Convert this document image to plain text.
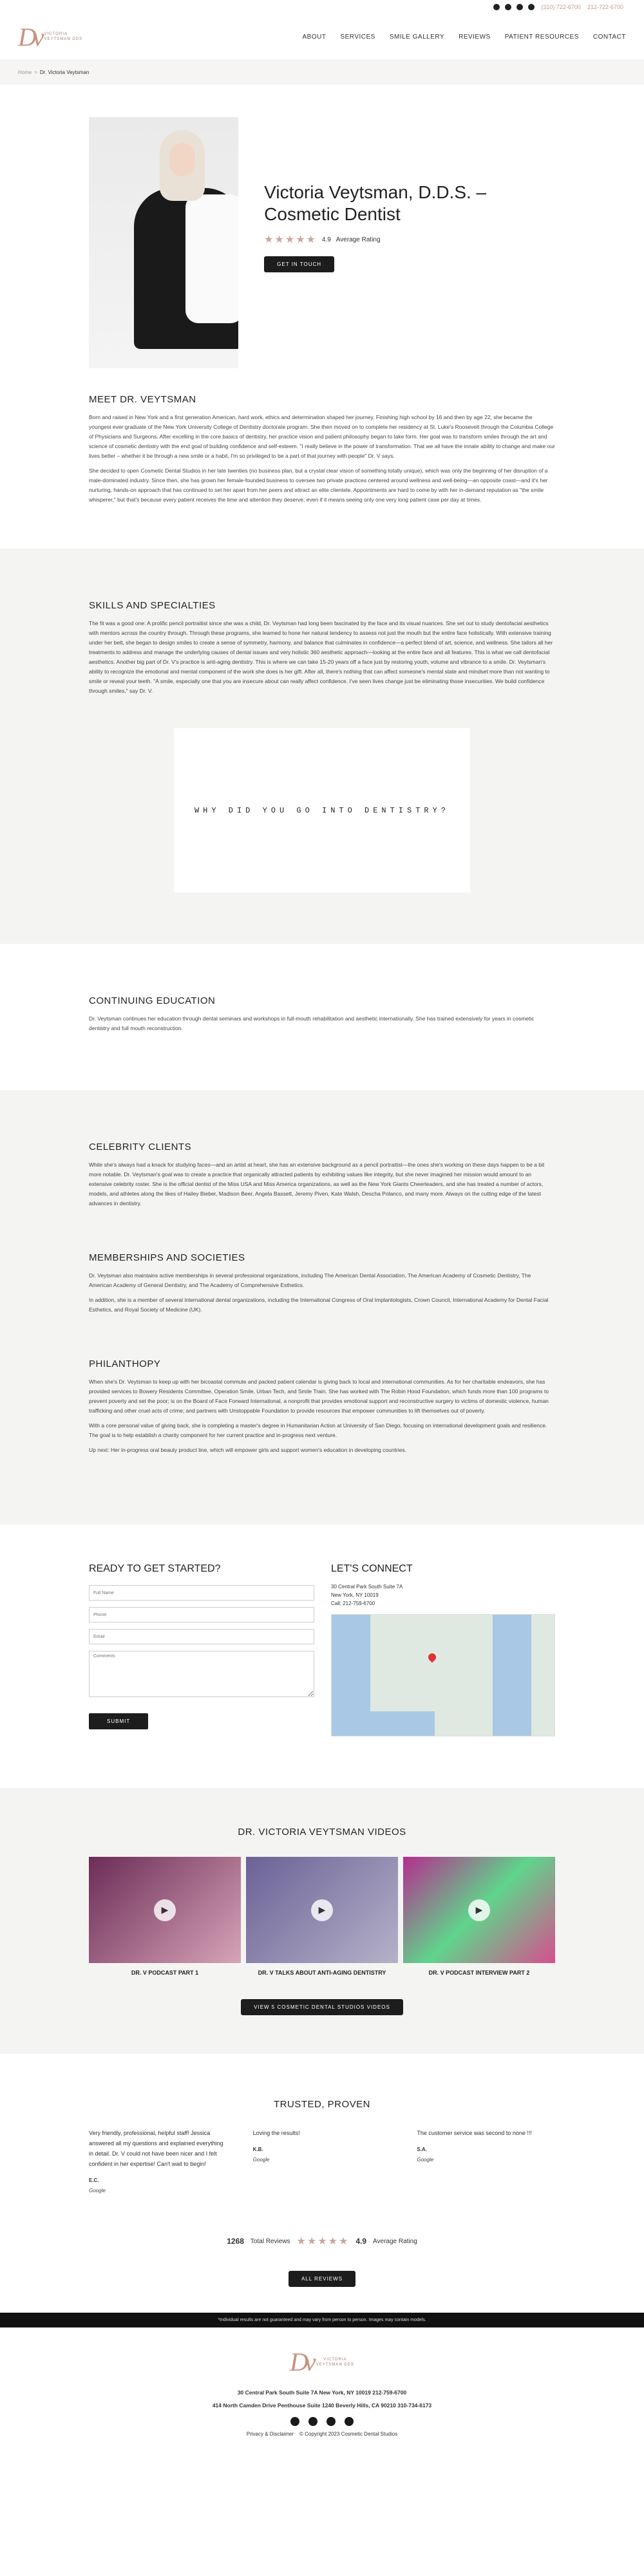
(310) 722-6700 212-722-6700
Dv VICTORIA
VEYTSMAN DDS	ABOUT SERVICES SMILE GALLERY REVIEWS PATIENT RESOURCES CONTACT
Home > Dr. Victoria Veytsman
Victoria Veytsman, D.D.S. – Cosmetic Dentist
★★★★★ 4.9 Average Rating
GET IN TOUCH
MEET DR. VEYTSMAN

Born and raised in New York and a first generation American, hard work, ethics and determination shaped her journey. Finishing high school by 16 and then by age 22, she became the youngest ever graduate of the New York University College of Dentistry doctorate program. She then moved on to complete her residency at St. Luke's Roosevelt through the Columbia College of Physicians and Surgeons. After excelling in the core basics of dentistry, her practice vision and patient philosophy began to take form. Her goal was to transform smiles through the art and science of cosmetic dentistry with the end goal of building confidence and self-esteem. "I really believe in the power of transformation. That we all have the innate ability to change and make our lives better – whether it be through a new smile or a habit, I'm so privileged to be a part of that journey with people" Dr. V says.

She decided to open Cosmetic Dental Studios in her late twenties (no business plan, but a crystal clear vision of something totally unique), which was only the beginning of her disruption of a male-dominated industry. Since then, she has grown her female-founded business to oversee two private practices centered around wellness and well-being—an opposite coast—and it's her nurturing, hands-on approach that has continued to set her apart from her peers and attract an elite clientele. Appointments are hard to come by with her in-demand reputation as "the smile whisperer," but that's because every patient receives the time and attention they deserve; even if it means seeing only one very long patient case per day at times.

SKILLS AND SPECIALTIES

The fit was a good one: A prolific pencil portraitist since she was a child, Dr. Veytsman had long been fascinated by the face and its visual nuances. She set out to study dentofacial aesthetics with mentors across the country through. Through these programs, she learned to hone her natural tendency to assess not just the mouth but the entire face holistically. With extensive training under her belt, she began to design smiles to create a sense of symmetry, harmony, and balance that culminates in confidence—a perfect blend of art, science, and wellness. She tailors all her treatments to address and manage the underlying causes of dental issues and very holistic 360 aesthetic approach—looking at the entire face and all features. This is what we call dentofacial aesthetics. Another big part of Dr. V's practice is anti-aging dentistry. This is where we can take 15-20 years off a face just by restoring youth, volume and vibrance to a smile. Dr. Veytsman's ability to recognize the emotional and mental component of the work she does is her gift. After all, there's nothing that can affect someone's mental state and mindset more than not wanting to smile or reveal your teeth. "A smile, especially one that you are insecure about can really affect confidence. I've seen lives change just be eliminating those insecurities. We build confidence through smiles," say Dr. V.

WHY DID YOU GO INTO DENTISTRY?
CONTINUING EDUCATION

Dr. Veytsman continues her education through dental seminars and workshops in full-mouth rehabilitation and aesthetic internationally. She has trained extensively for years in cosmetic dentistry and full mouth reconstruction.

CELEBRITY CLIENTS

While she's always had a knack for studying faces—and an artist at heart, she has an extensive background as a pencil portraitist—the ones she's working on these days happen to be a bit more notable. Dr. Veytsman's goal was to create a practice that organically attracted patients by exhibiting values like integrity, but she never imagined her mission would amount to an extensive celebrity roster. She is the official dentist of the Miss USA and Miss America organizations, as well as the New York Giants Cheerleaders, and she has treated a number of actors, models, and athletes along the likes of Hailey Bieber, Madison Beer, Angela Bassett, Jeremy Piven, Kate Walsh, Descha Polanco, and many more. Always on the cutting edge of the latest advances in dentistry.

MEMBERSHIPS AND SOCIETIES

Dr. Veytsman also maintains active memberships in several professional organizations, including The American Dental Association, The American Academy of Cosmetic Dentistry, The American Academy of General Dentistry, and The Academy of Comprehensive Esthetics.

In addition, she is a member of several international dental organizations, including the International Congress of Oral Implantologists, Crown Council, International Academy for Dental Facial Esthetics, and Royal Society of Medicine (UK).

PHILANTHOPY

When she's Dr. Veytsman to keep up with her bicoastal commute and packed patient calendar is giving back to local and international communities. As for her charitable endeavors, she has provided services to Bowery Residents Committee, Operation Smile, Urban Tech, and Smile Train. She has worked with The Robin Hood Foundation, which funds more than 100 programs to prevent poverty and set the poor; is on the Board of Face Forward International, a nonprofit that provides emotional support and reconstructive surgery to victims of domestic violence, human trafficking and other cruel acts of crime; and partners with Unstoppable Foundation to provide resources that empower communities to lift themselves out of poverty.

With a core personal value of giving back, she is completing a master's degree in Humanitarian Action at University of San Diego, focusing on international development goals and resilience. The goal is to help establish a charity component for her current practice and in-progress next venture.

Up next: Her in-progress oral beauty product line, which will empower girls and support women's education in developing countries.

READY TO GET STARTED?
Full Name Phone Email Comments SUBMIT
LET'S CONNECT
30 Central Park South Suite 7A
New York, NY 10019
Call: 212-759-6700
DR. VICTORIA VEYTSMAN VIDEOS
▶
DR. V PODCAST PART 1
▶
DR. V TALKS ABOUT ANTI-AGING DENTISTRY
▶
DR. V PODCAST INTERVIEW PART 2
VIEW 5 COSMETIC DENTAL STUDIOS VIDEOS
TRUSTED, PROVEN
Very friendly, professional, helpful staff! Jessica answered all my questions and explained everything in detail. Dr. V could not have been nicer and I felt confident in her expertise! Can't wait to begin!
E.C.
Google
Loving the results!
K.B.
Google
The customer service was second to none !!!
S.A.
Google
1268 Total Reviews ★★★★★ 4.9 Average Rating
ALL REVIEWS
*Individual results are not guaranteed and may vary from person to person. Images may contain models.
Dv	VICTORIA
VEYTSMAN DDS
30 Central Park South Suite 7A New York, NY 10019 212-759-6700
414 North Camden Drive Penthouse Suite 1240 Beverly Hills, CA 90210 310-734-6173
Privacy & Disclaimer © Copyright 2023 Cosmetic Dental Studios
